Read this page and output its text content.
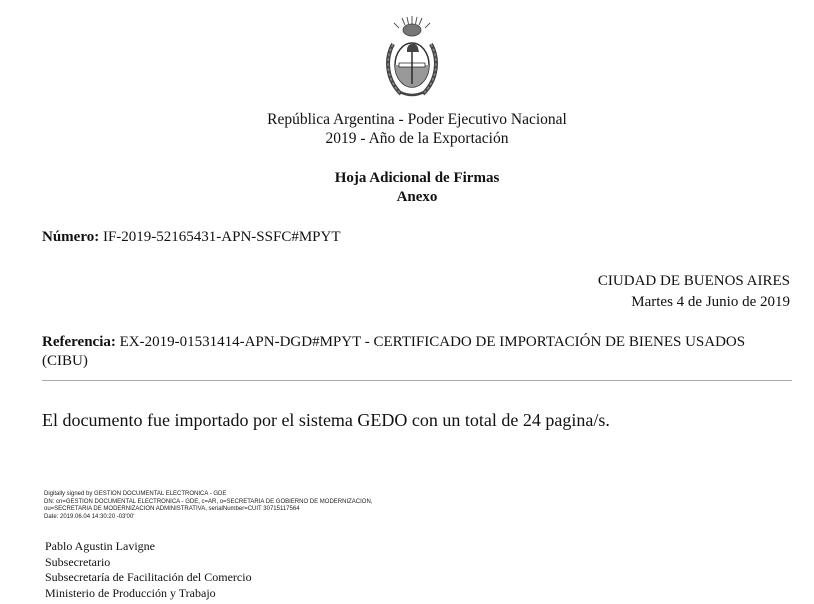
República Argentina - Poder Ejecutivo Nacional
2019 - Año de la Exportación
Hoja Adicional de Firmas
Anexo
Número: IF-2019-52165431-APN-SSFC#MPYT
CIUDAD DE BUENOS AIRES
Martes 4 de Junio de 2019
Referencia: EX-2019-01531414-APN-DGD#MPYT - CERTIFICADO DE IMPORTACIÓN DE BIENES USADOS (CIBU)
El documento fue importado por el sistema GEDO con un total de 24 pagina/s.
Digitally signed by GESTION DOCUMENTAL ELECTRONICA - GDE
DN: cn=GESTION DOCUMENTAL ELECTRONICA - GDE, c=AR, o=SECRETARIA DE GOBIERNO DE MODERNIZACION,
ou=SECRETARIA DE MODERNIZACION ADMINISTRATIVA, serialNumber=CUIT 30715117564
Date: 2019.06.04 14:30:20 -03'00'
Pablo Agustin Lavigne
Subsecretario
Subsecretaría de Facilitación del Comercio
Ministerio de Producción y Trabajo
